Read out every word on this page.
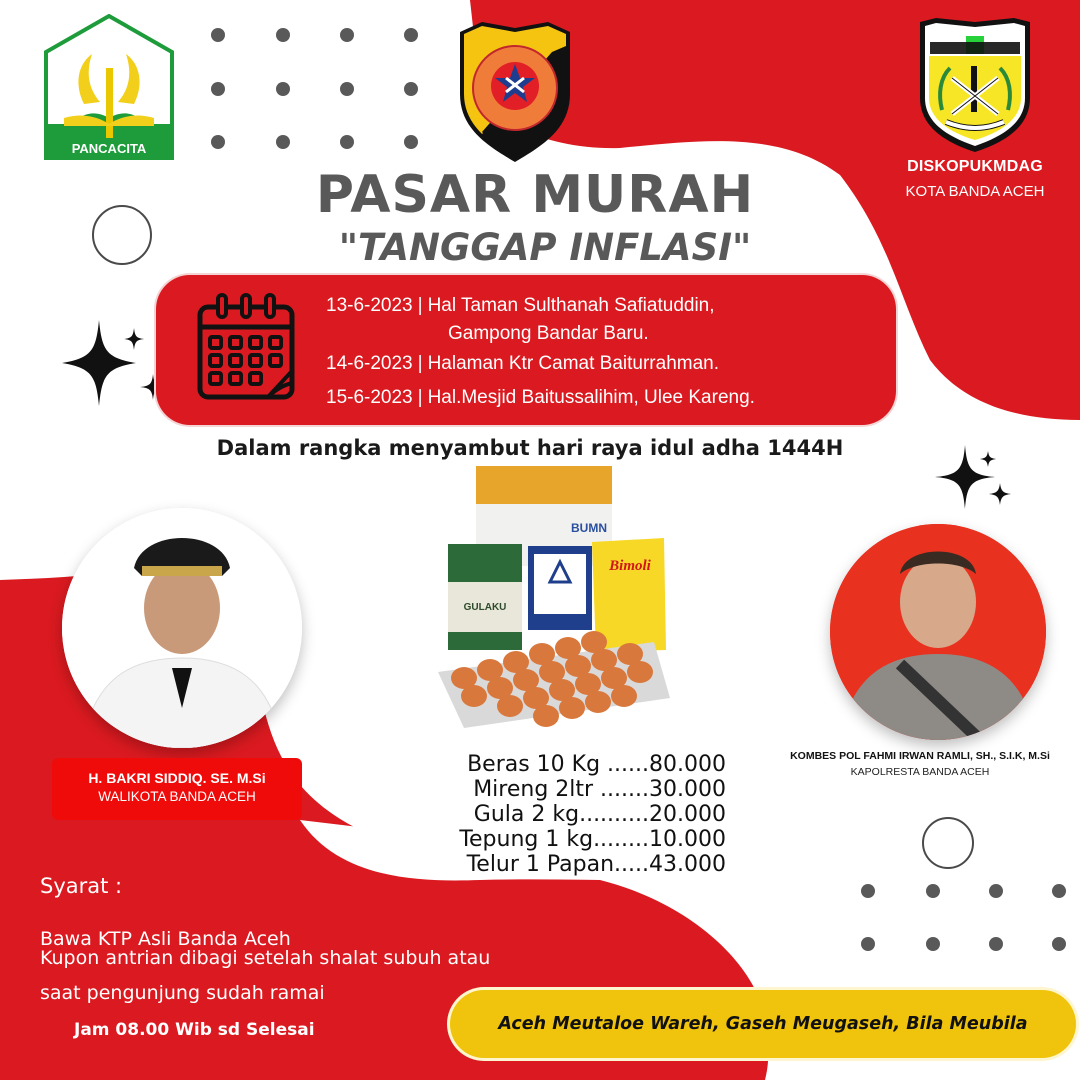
PANCACITA
DISKOPUKMDAG
KOTA BANDA ACEH
PASAR MURAH
"TANGGAP INFLASI"
13-6-2023 | Hal Taman Sulthanah Safiatuddin,
Gampong Bandar Baru.
14-6-2023 | Halaman Ktr Camat Baiturrahman.
15-6-2023 | Hal.Mesjid Baitussalihim, Ulee Kareng.
Dalam rangka menyambut hari raya idul adha 1444H
H. BAKRI SIDDIQ. SE. M.Si
WALIKOTA BANDA ACEH
KOMBES POL FAHMI IRWAN RAMLI, SH., S.I.K, M.Si
KAPOLRESTA BANDA ACEH
BUMN
GULAKU
Bimoli
Beras 10 Kg ......80.000
Mireng 2ltr .......30.000
Gula 2 kg..........20.000
Tepung 1 kg........10.000
Telur 1 Papan.....43.000
Syarat :
Bawa KTP Asli Banda Aceh
Kupon antrian dibagi setelah shalat subuh atau
saat pengunjung sudah ramai
Jam 08.00 Wib sd Selesai	Aceh Meutaloe Wareh, Gaseh Meugaseh, Bila Meubila
